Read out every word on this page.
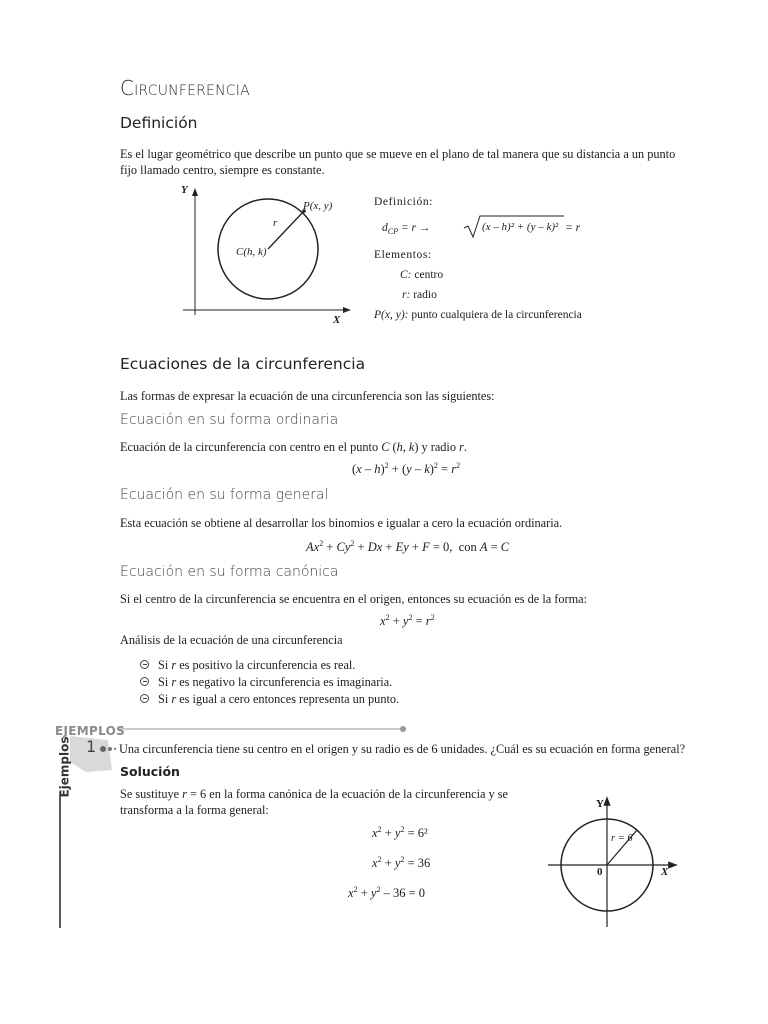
CIRCUNFERENCIA
Definición
Es el lugar geométrico que describe un punto que se mueve en el plano de tal manera que su distancia a un punto fijo llamado centro, siempre es constante.
Y
X
P(x, y)
r
C(h, k)
Definición:
$d_{CP} = r$ →	(x – h)² + (y – k)² = r
Elementos:
C: centro
r: radio
P(x, y): punto cualquiera de la circunferencia
Ecuaciones de la circunferencia
Las formas de expresar la ecuación de una circunferencia son las siguientes:
Ecuación en su forma ordinaria
Ecuación de la circunferencia con centro en el punto C (h, k) y radio r.
$(x - h)^2 + (y - k)^2 = r^2$
Ecuación en su forma general
Esta ecuación se obtiene al desarrollar los binomios e igualar a cero la ecuación ordinaria.
$Ax^2 + Cy^2 + Dx + Ey + F = 0$,  con A = C
Ecuación en su forma canónica
Si el centro de la circunferencia se encuentra en el origen, entonces su ecuación es de la forma:
$x^2 + y^2 = r^2$
Análisis de la ecuación de una circunferencia
Si r es positivo la circunferencia es real.
Si r es negativo la circunferencia es imaginaria.
Si r es igual a cero entonces representa un punto.
EJEMPLOS
Ejemplos 1 Una circunferencia tiene su centro en el origen y su radio es de 6 unidades. ¿Cuál es su ecuación en forma general?
Solución
Se sustituye r = 6 en la forma canónica de la ecuación de la circunferencia y se
transforma a la forma general:
$x^2 + y^2 = 6^2$
$x^2 + y^2 = 36$
$x^2 + y^2 - 36 = 0$
Y
X
0
r = 6
